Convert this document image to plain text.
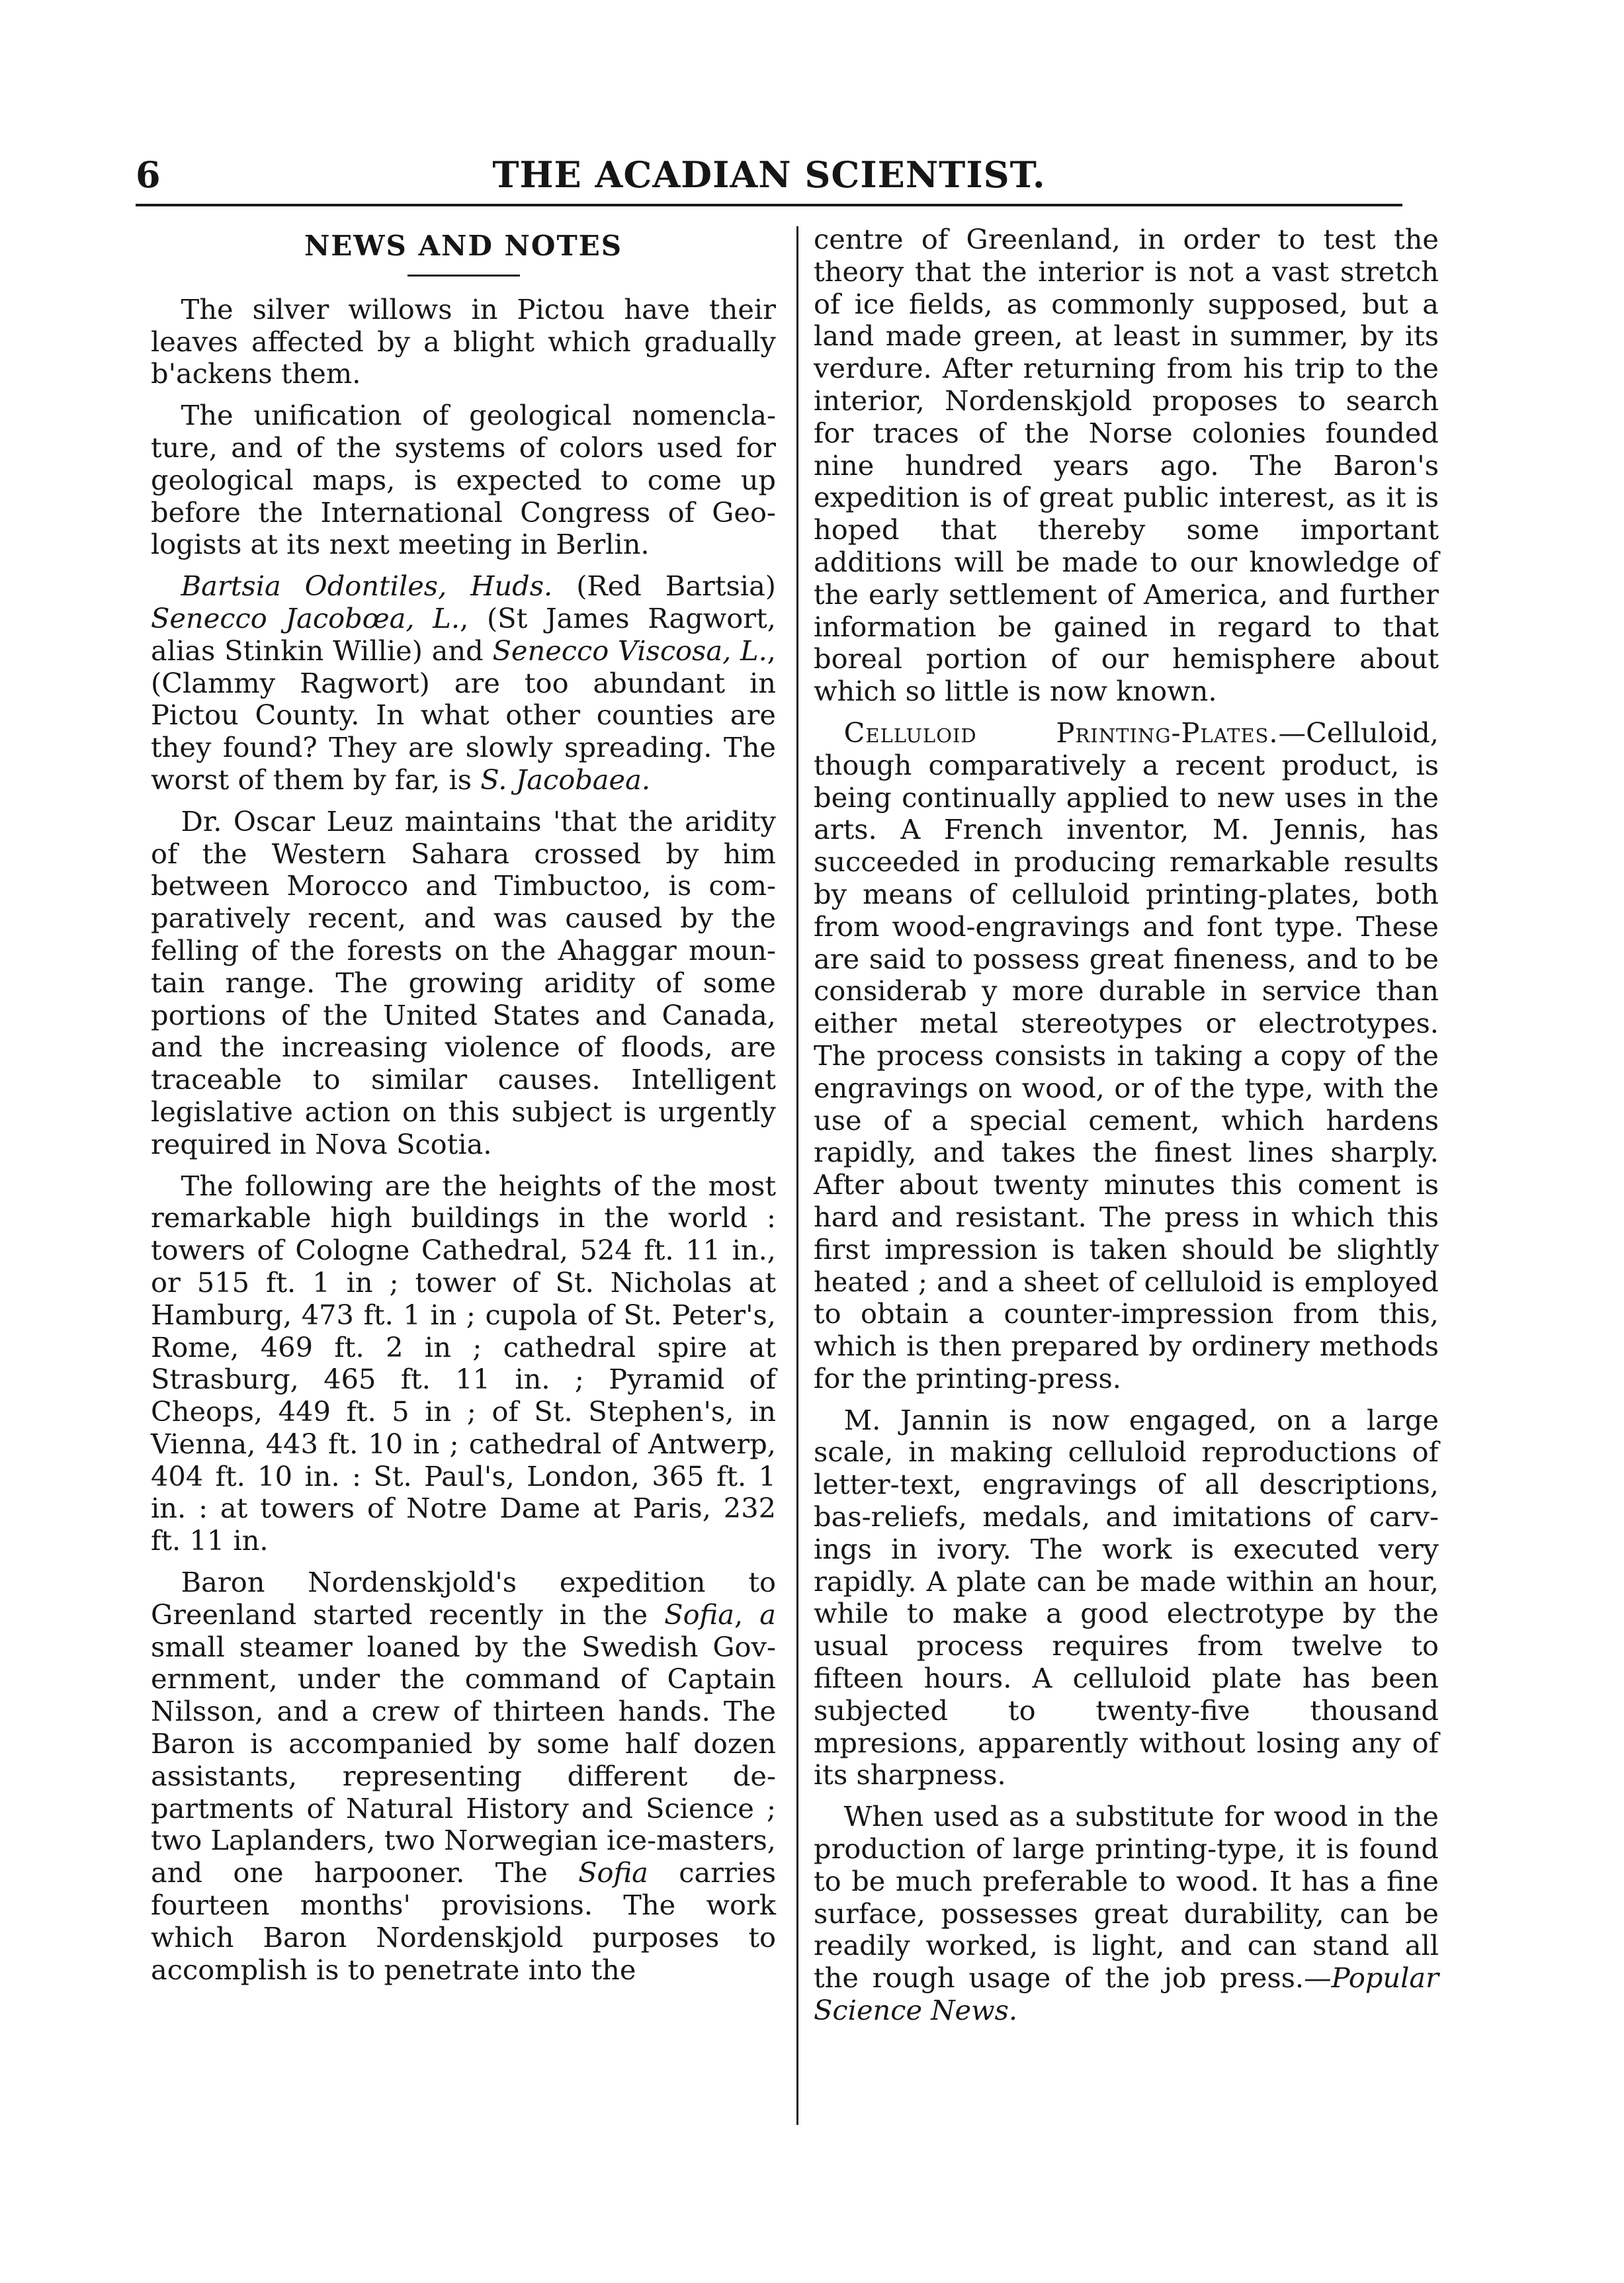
6	THE ACADIAN SCIENTIST.
NEWS AND NOTES

The silver willows in Pictou have their leaves affected by a blight which gradually b'ackens them.

The unification of geological nomenclature, and of the systems of colors used for geological maps, is expected to come up before the International Congress of Geologists at its next meeting in Berlin.

Bartsia Odontiles, Huds. (Red Bartsia) Senecco Jacobœa, L., (St James Ragwort, alias Stinkin Willie) and Senecco Viscosa, L., (Clammy Ragwort) are too abundant in Pictou County. In what other counties are they found? They are slowly spreading. The worst of them by far, is S. Jacobaea.

Dr. Oscar Leuz maintains 'that the aridity of the Western Sahara crossed by him between Morocco and Timbuctoo, is comparatively recent, and was caused by the felling of the forests on the Ahaggar mountain range. The growing aridity of some portions of the United States and Canada, and the increasing violence of floods, are traceable to similar causes. Intelligent legislative action on this subject is urgently required in Nova Scotia.

The following are the heights of the most remarkable high buildings in the world : towers of Cologne Cathedral, 524 ft. 11 in., or 515 ft. 1 in ; tower of St. Nicholas at Hamburg, 473 ft. 1 in ; cupola of St. Peter's, Rome, 469 ft. 2 in ; cathedral spire at Strasburg, 465 ft. 11 in. ; Pyramid of Cheops, 449 ft. 5 in ; of St. Stephen's, in Vienna, 443 ft. 10 in ; cathedral of Antwerp, 404 ft. 10 in. : St. Paul's, London, 365 ft. 1 in. : at towers of Notre Dame at Paris, 232 ft. 11 in.

Baron Nordenskjold's expedition to Greenland started recently in the Sofia, a small steamer loaned by the Swedish Government, under the command of Captain Nilsson, and a crew of thirteen hands. The Baron is accompanied by some half dozen assistants, representing different departments of Natural History and Science ; two Laplanders, two Norwegian ice-masters, and one harpooner. The Sofia carries fourteen months' provisions. The work which Baron Nordenskjold purposes to accomplish is to penetrate into the

centre of Greenland, in order to test the theory that the interior is not a vast stretch of ice fields, as commonly supposed, but a land made green, at least in summer, by its verdure. After returning from his trip to the interior, Nordenskjold proposes to search for traces of the Norse colonies founded nine hundred years ago. The Baron's expedition is of great public interest, as it is hoped that thereby some important additions will be made to our knowledge of the early settlement of America, and further information be gained in regard to that boreal portion of our hemisphere about which so little is now known.

Celluloid Printing-Plates.—Celluloid, though comparatively a recent product, is being continually applied to new uses in the arts. A French inventor, M. Jennis, has succeeded in producing remarkable results by means of celluloid printing-plates, both from wood-engravings and font type. These are said to possess great fineness, and to be considerab y more durable in service than either metal stereotypes or electrotypes. The process consists in taking a copy of the engravings on wood, or of the type, with the use of a special cement, which hardens rapidly, and takes the finest lines sharply. After about twenty minutes this coment is hard and resistant. The press in which this first impression is taken should be slightly heated ; and a sheet of celluloid is employed to obtain a counter-impression from this, which is then prepared by ordinery methods for the printing-press.

M. Jannin is now engaged, on a large scale, in making celluloid reproductions of letter-text, engravings of all descriptions, bas-reliefs, medals, and imitations of carvings in ivory. The work is executed very rapidly. A plate can be made within an hour, while to make a good electrotype by the usual process requires from twelve to fifteen hours. A celluloid plate has been subjected to twenty-five thousand mpresions, apparently without losing any of its sharpness.

When used as a substitute for wood in the production of large printing-type, it is found to be much preferable to wood. It has a fine surface, possesses great durability, can be readily worked, is light, and can stand all the rough usage of the job press.—Popular Science News.
